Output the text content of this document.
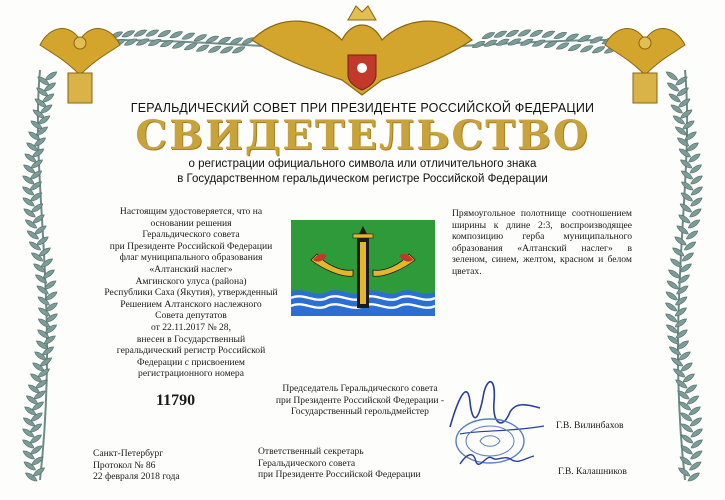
ГЕРАЛЬДИЧЕСКИЙ СОВЕТ ПРИ ПРЕЗИДЕНТЕ РОССИЙСКОЙ ФЕДЕРАЦИИ
СВИДЕТЕЛЬСТВО
о регистрации официального символа или отличительного знака
в Государственном геральдическом регистре Российской Федерации
Настоящим удостоверяется, что на
основании решения
Геральдического совета
при Президенте Российской Федерации
флаг муниципального образования
«Алтанский наслег»
Амгинского улуса (района)
Республики Саха (Якутия), утвержденный
Решением Алтанского наслежного
Совета депутатов
от 22.11.2017 № 28,
внесен в Государственный
геральдический регистр Российской
Федерации с присвоением
регистрационного номера
Прямоугольное полотнище соотношением ширины к длине 2:3, воспроизводящее композицию герба муниципального образования «Алтанский наслег» в зеленом, синем, желтом, красном и белом цветах.
11790
Председатель Геральдического совета
при Президенте Российской Федерации -
Государственный герольдмейстер
Г.В. Вилинбахов
Санкт-Петербург
Протокол № 86
22 февраля 2018 года
Ответственный секретарь
Геральдического совета
при Президенте Российской Федерации	Г.В. Калашников
